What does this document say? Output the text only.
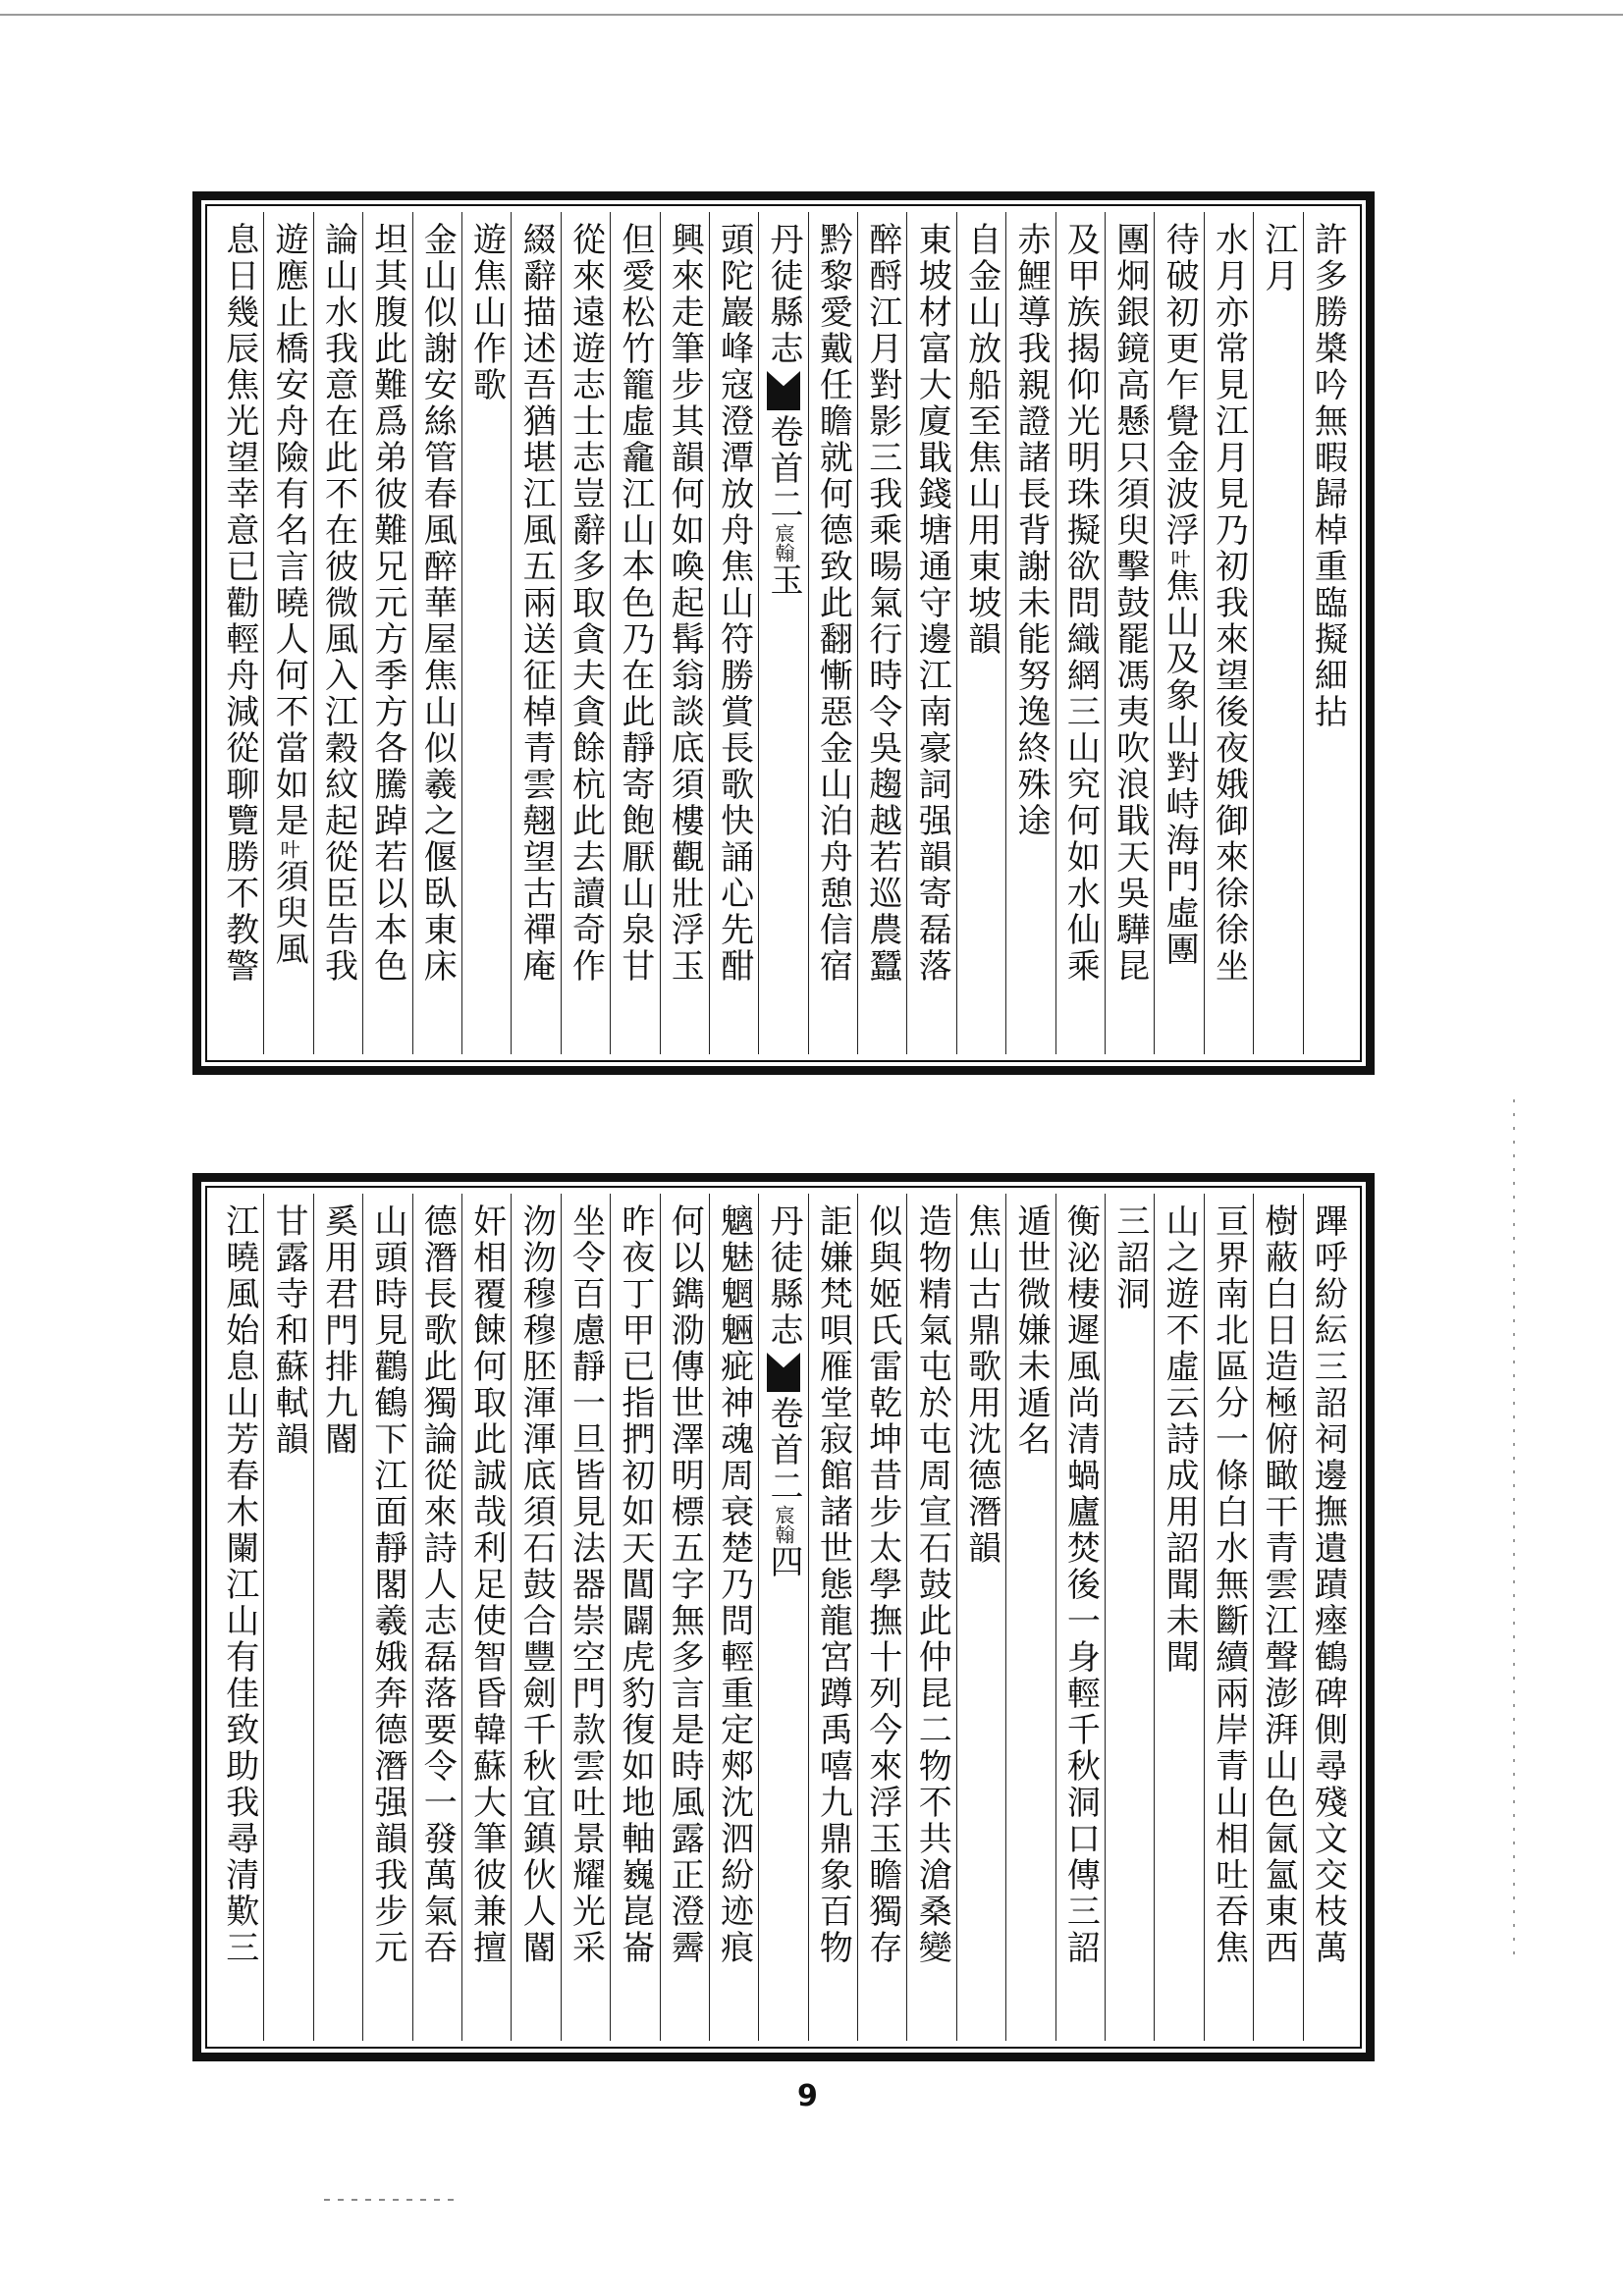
許多勝槳吟無暇歸棹重臨擬細拈
江月
水月亦常見江月見乃初我來望後夜娥御來徐徐坐
待破初更乍覺金波浮
叶
焦山及象山對峙海門虛團
團炯銀鏡高懸只須臾擊鼓罷馮夷吹浪戢天吳驊昆
及甲族揭仰光明珠擬欲問織網三山究何如水仙乘
赤鯉導我親證諸長背謝未能努逸終殊途
自金山放船至焦山用東坡韻
東坡材富大廈戢錢塘通守邊江南豪詞强韻寄磊落
醉酹江月對影三我乘暘氣行時令吳趨越若巡農蠶
黔黎愛戴任瞻就何德致此翻慚惡金山泊舟憩信宿
丹徒縣志
卷首二
宸翰
玉
頭陀巖峰寇澄潭放舟焦山符勝賞長歌快誦心先酣
興來走筆步其韻何如喚起髯翁談底須樓觀壯浮玉
但愛松竹籠虛龕江山本色乃在此靜寄飽厭山泉甘
從來遠遊志士志豈辭多取貪夫貪餘杭此去讀奇作
綴辭描述吾猶堪江風五兩送征棹青雲翹望古禪庵
遊焦山作歌
金山似謝安絲管春風醉華屋焦山似羲之偃臥東床
坦其腹此難爲弟彼難兄元方季方各騰踔若以本色
論山水我意在此不在彼微風入江穀紋起從臣告我
遊應止橋安舟險有名言曉人何不當如是
叶
須臾風
息日幾辰焦光望幸意已勸輕舟減從聊覽勝不教警
蹕呼紛紜三詔祠邊撫遺蹟瘞鶴碑側尋殘文交枝萬
樹蔽白日造極俯瞰干青雲江聲澎湃山色氤氳東西
亘界南北區分一條白水無斷續兩岸青山相吐吞焦
山之遊不虛云詩成用詔聞未聞
三詔洞
衡泌棲遲風尚清蝸廬焚後一身輕千秋洞口傳三詔
遁世微嫌未遁名
焦山古鼎歌用沈德潛韻
造物精氣屯於屯周宣石鼓此仲昆二物不共滄桑變
似與姬氏雷乾坤昔步太學撫十列今來浮玉瞻獨存
詎嫌梵唄雁堂寂館諸世態龍宮蹲禹嘻九鼎象百物
丹徒縣志
卷首二
宸翰
四
魑魅魍魎疵神魂周衰楚乃問輕重定郟沈泗紛迹痕
何以鐫泐傳世澤明標五字無多言是時風露正澄霽
昨夜丁甲已指捫初如天閶闢虎豹復如地軸巍崑崙
坐令百慮靜一旦皆見法器崇空門款雲吐景耀光采
沕沕穆穆胚渾渾底須石鼓合豐劍千秋宜鎮伙人閽
奸相覆餗何取此誠哉利足使智昏韓蘇大筆彼兼擅
德潛長歌此獨論從來詩人志磊落要令一發萬氣吞
山頭時見鸛鶴下江面靜閣羲娥奔德潛强韻我步元
奚用君門排九閽
甘露寺和蘇軾韻
江曉風始息山芳春木闌江山有佳致助我尋清歎三
9
